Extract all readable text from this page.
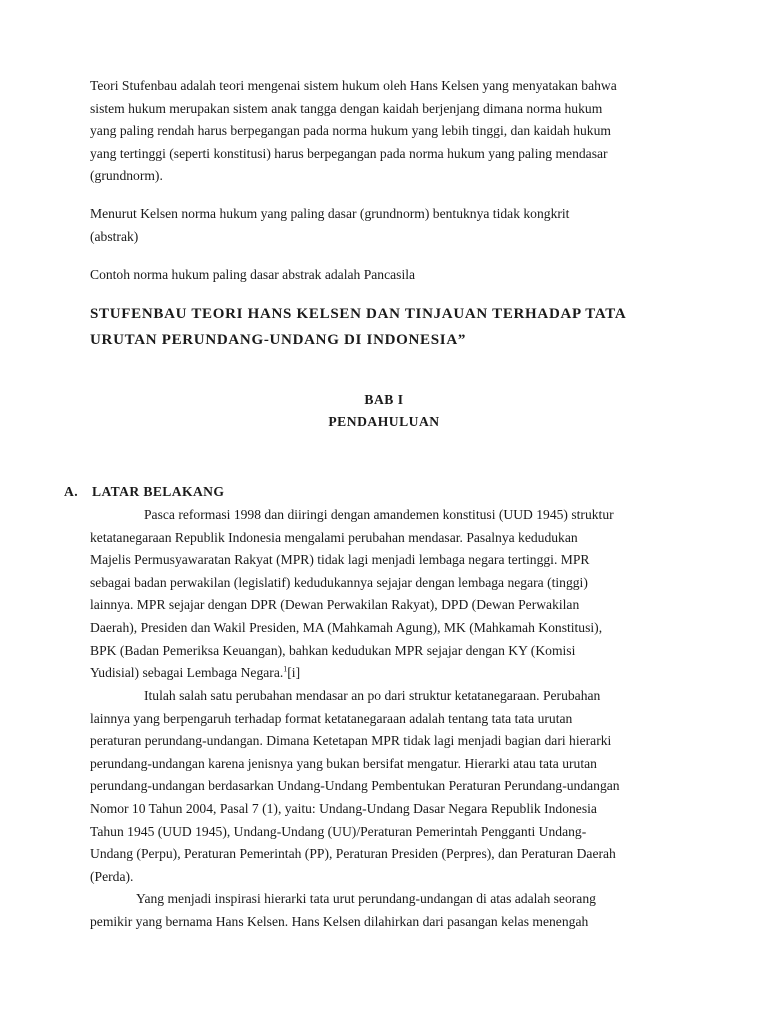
Teori Stufenbau adalah teori mengenai sistem hukum oleh Hans Kelsen yang menyatakan bahwa
sistem hukum merupakan sistem anak tangga dengan kaidah berjenjang dimana norma hukum
yang paling rendah harus berpegangan pada norma hukum yang lebih tinggi, dan kaidah hukum
yang tertinggi (seperti konstitusi) harus berpegangan pada norma hukum yang paling mendasar
(grundnorm).

Menurut Kelsen norma hukum yang paling dasar (grundnorm) bentuknya tidak kongkrit
(abstrak)

Contoh norma hukum paling dasar abstrak adalah Pancasila

STUFENBAU TEORI HANS KELSEN DAN TINJAUAN TERHADAP TATA
URUTAN PERUNDANG-UNDANG DI INDONESIA”

BAB I
PENDAHULUAN
A. LATAR BELAKANG

Pasca reformasi 1998 dan diiringi dengan amandemen konstitusi (UUD 1945) struktur
ketatanegaraan Republik Indonesia mengalami perubahan mendasar. Pasalnya kedudukan
Majelis Permusyawaratan Rakyat (MPR) tidak lagi menjadi lembaga negara tertinggi. MPR
sebagai badan perwakilan (legislatif) kedudukannya sejajar dengan lembaga negara (tinggi)
lainnya. MPR sejajar dengan DPR (Dewan Perwakilan Rakyat), DPD (Dewan Perwakilan
Daerah), Presiden dan Wakil Presiden, MA (Mahkamah Agung), MK (Mahkamah Konstitusi),
BPK (Badan Pemeriksa Keuangan), bahkan kedudukan MPR sejajar dengan KY (Komisi
Yudisial) sebagai Lembaga Negara.$^1$[i]

Itulah salah satu perubahan mendasar an po dari struktur ketatanegaraan. Perubahan
lainnya yang berpengaruh terhadap format ketatanegaraan adalah tentang tata tata urutan
peraturan perundang-undangan. Dimana Ketetapan MPR tidak lagi menjadi bagian dari hierarki
perundang-undangan karena jenisnya yang bukan bersifat mengatur. Hierarki atau tata urutan
perundang-undangan berdasarkan Undang-Undang Pembentukan Peraturan Perundang-undangan
Nomor 10 Tahun 2004, Pasal 7 (1), yaitu: Undang-Undang Dasar Negara Republik Indonesia
Tahun 1945 (UUD 1945), Undang-Undang (UU)/Peraturan Pemerintah Pengganti Undang-
Undang (Perpu), Peraturan Pemerintah (PP), Peraturan Presiden (Perpres), dan Peraturan Daerah
(Perda).

Yang menjadi inspirasi hierarki tata urut perundang-undangan di atas adalah seorang
pemikir yang bernama Hans Kelsen. Hans Kelsen dilahirkan dari pasangan kelas menengah
